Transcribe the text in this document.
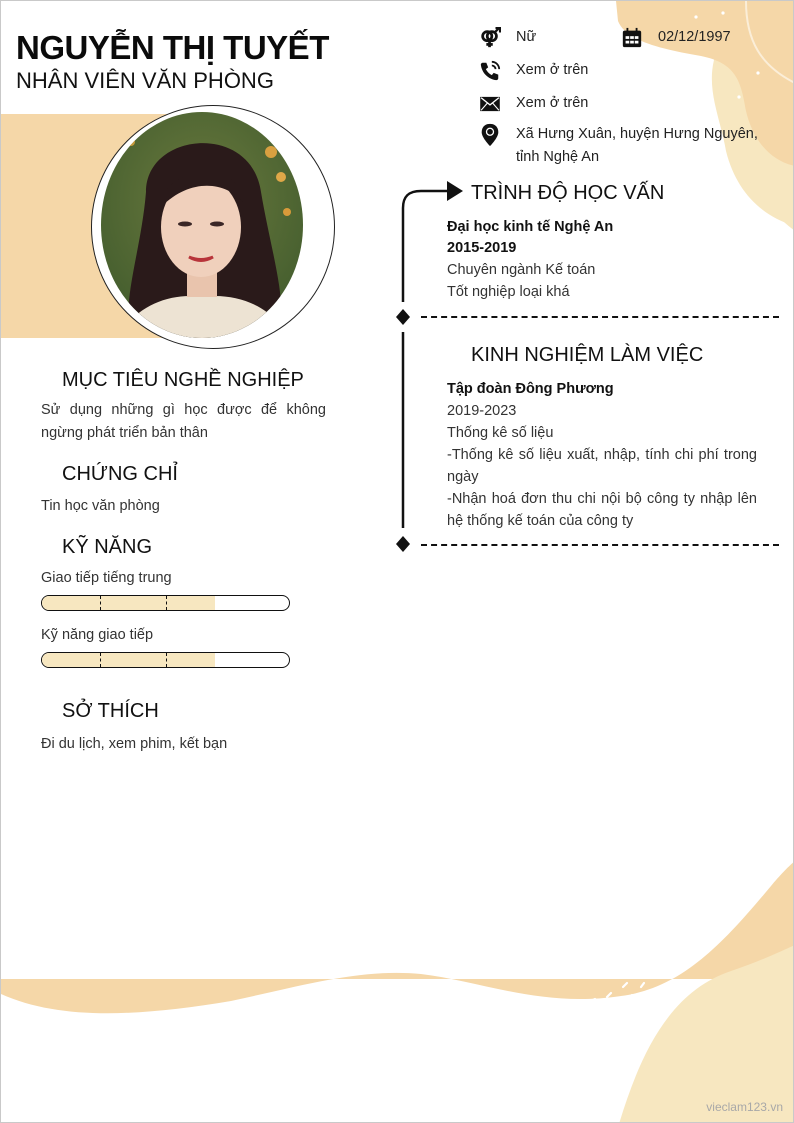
NGUYỄN THỊ TUYẾT
NHÂN VIÊN VĂN PHÒNG
Nữ	02/12/1997
Xem ở trên
Xem ở trên
Xã Hưng Xuân, huyện Hưng Nguyên,
tỉnh Nghệ An
MỤC TIÊU NGHỀ NGHIỆP
Sử dụng những gì học được để không ngừng phát triển bản thân
CHỨNG CHỈ
Tin học văn phòng
KỸ NĂNG
Giao tiếp tiếng trung
Kỹ năng giao tiếp
SỞ THÍCH
Đi du lịch, xem phim, kết bạn
TRÌNH ĐỘ HỌC VẤN
Đại học kinh tế Nghệ An
2015-2019
Chuyên ngành Kế toán
Tốt nghiệp loại khá
KINH NGHIỆM LÀM VIỆC
Tập đoàn Đông Phương
2019-2023
Thống kê số liệu
-Thống kê số liệu xuất, nhập, tính chi phí trong
ngày
-Nhận hoá đơn thu chi nội bộ công ty nhập lên
hệ thống kế toán của công ty
vieclam123.vn
